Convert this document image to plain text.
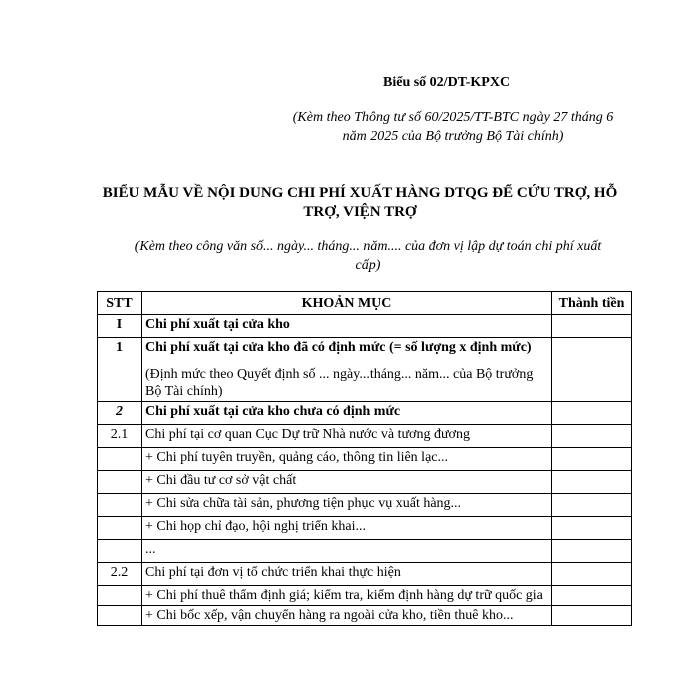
Biểu số 02/DT-KPXC
(Kèm theo Thông tư số 60/2025/TT-BTC ngày 27 tháng 6
năm 2025 của Bộ trưởng Bộ Tài chính)
BIỂU MẪU VỀ NỘI DUNG CHI PHÍ XUẤT HÀNG DTQG ĐỂ CỨU TRỢ, HỖ
TRỢ, VIỆN TRỢ
(Kèm theo công văn số... ngày... tháng... năm.... của đơn vị lập dự toán chi phí xuất
cấp)
STT	KHOẢN MỤC	Thành tiền
I	Chi phí xuất tại cửa kho	
1	Chi phí xuất tại cửa kho đã có định mức (= số lượng x định mức)
(Định mức theo Quyết định số ... ngày...tháng... năm... của Bộ trưởng Bộ Tài chính)	

2	Chi phí xuất tại cửa kho chưa có định mức	
2.1	Chi phí tại cơ quan Cục Dự trữ Nhà nước và tương đương	
	+ Chi phí tuyên truyền, quảng cáo, thông tin liên lạc...	
	+ Chi đầu tư cơ sở vật chất	
	+ Chi sửa chữa tài sản, phương tiện phục vụ xuất hàng...	
	+ Chi họp chỉ đạo, hội nghị triển khai...	
	...	
2.2	Chi phí tại đơn vị tổ chức triển khai thực hiện	
	+ Chi phí thuê thẩm định giá; kiểm tra, kiểm định hàng dự trữ quốc gia	
	+ Chi bốc xếp, vận chuyển hàng ra ngoài cửa kho, tiền thuê kho...	
